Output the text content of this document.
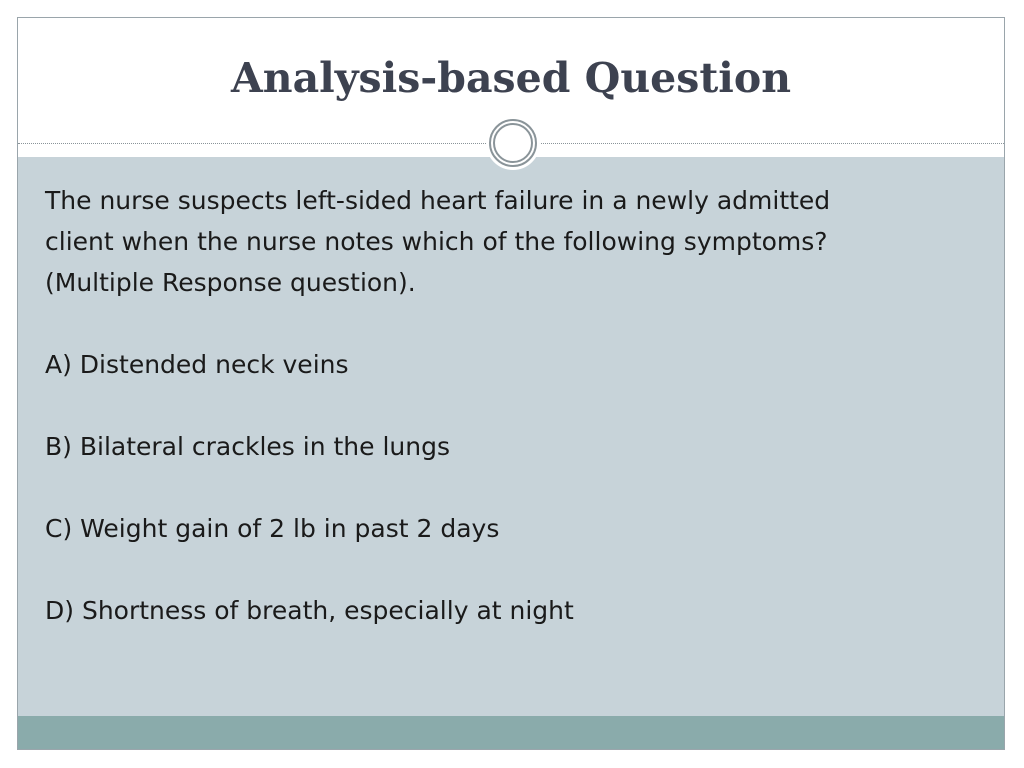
Analysis-based Question

The nurse suspects left-sided heart failure in a newly admitted

client when the nurse notes which of the following symptoms?

(Multiple Response question).

A) Distended neck veins

B) Bilateral crackles in the lungs

C) Weight gain of 2 lb in past 2 days

D) Shortness of breath, especially at night
